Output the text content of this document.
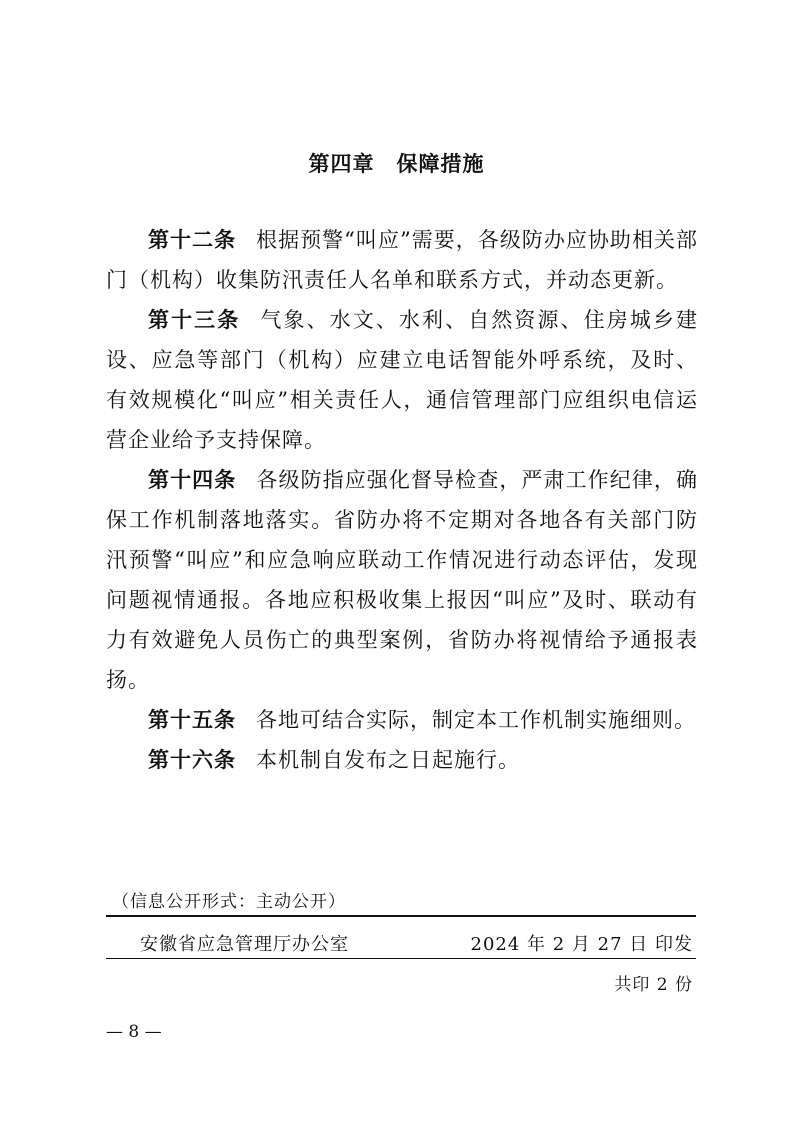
第四章　保障措施

第十二条 根据预警“叫应”需要，各级防办应协助相关部门（机构）收集防汛责任人名单和联系方式，并动态更新。

第十三条 气象、水文、水利、自然资源、住房城乡建设、应急等部门（机构）应建立电话智能外呼系统，及时、有效规模化“叫应”相关责任人，通信管理部门应组织电信运营企业给予支持保障。

第十四条 各级防指应强化督导检查，严肃工作纪律，确保工作机制落地落实。省防办将不定期对各地各有关部门防汛预警“叫应”和应急响应联动工作情况进行动态评估，发现问题视情通报。各地应积极收集上报因“叫应”及时、联动有力有效避免人员伤亡的典型案例，省防办将视情给予通报表扬。

第十五条 各地可结合实际，制定本工作机制实施细则。

第十六条 本机制自发布之日起施行。

（信息公开形式：主动公开）
安徽省应急管理厅办公室	2024 年 2 月 27 日 印发
共印 2 份
— 8 —
